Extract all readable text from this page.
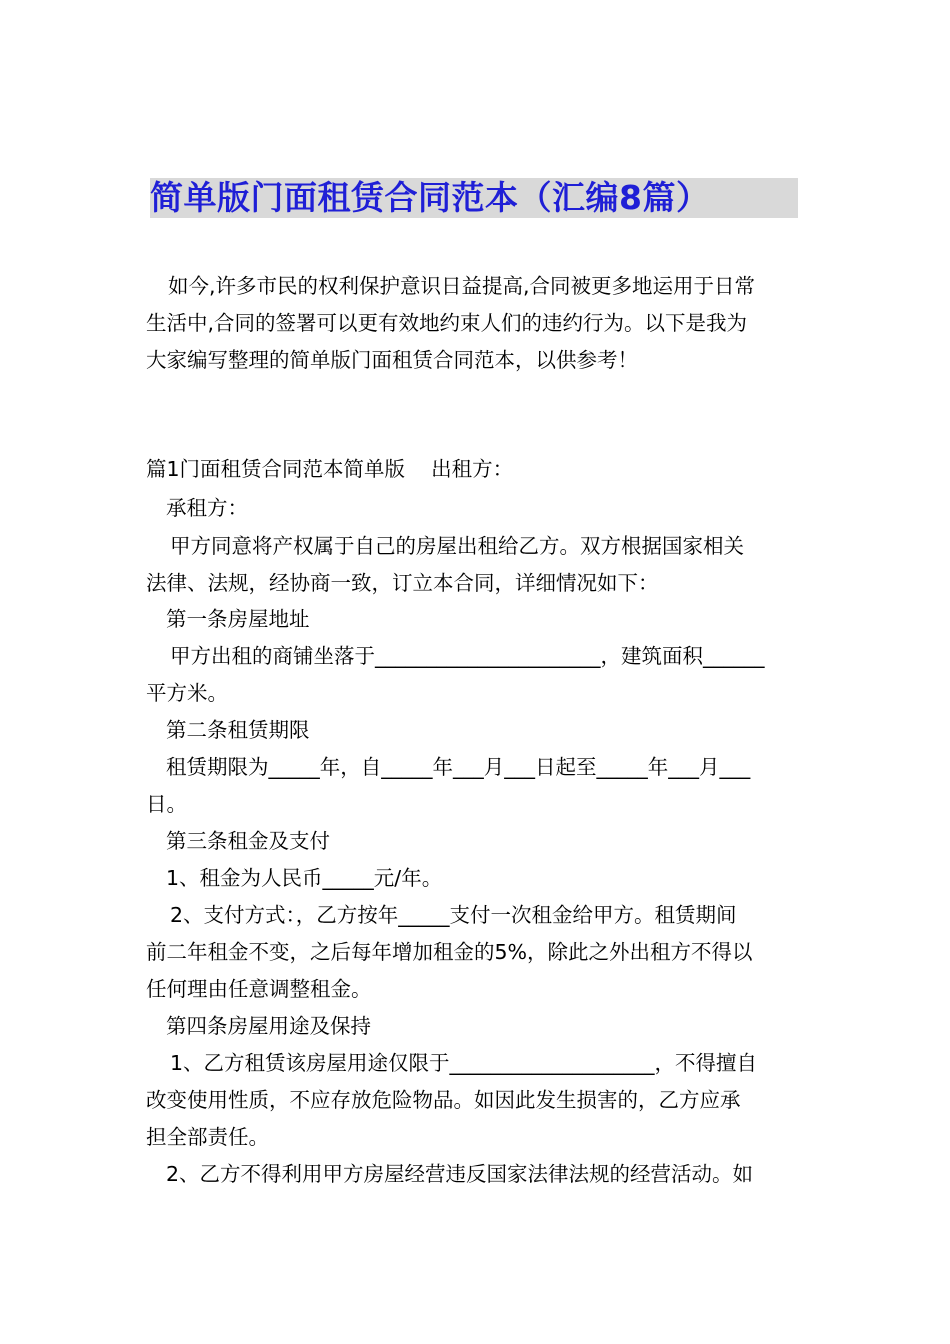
简单版门面租赁合同范本（汇编8篇）
如今,许多市民的权利保护意识日益提高,合同被更多地运用于日常
生活中,合同的签署可以更有效地约束人们的违约行为。以下是我为
大家编写整理的简单版门面租赁合同范本，以供参考！
篇1门面租赁合同范本简单版    出租方：
承租方：
甲方同意将产权属于自己的房屋出租给乙方。双方根据国家相关
法律、法规，经协商一致，订立本合同，详细情况如下：
第一条房屋地址
甲方出租的商铺坐落于______________________，建筑面积______
平方米。
第二条租赁期限
租赁期限为_____年，自_____年___月___日起至_____年___月___
日。
第三条租金及支付
1、租金为人民币_____元/年。
2、支付方式：，乙方按年_____支付一次租金给甲方。租赁期间
前二年租金不变，之后每年增加租金的5%，除此之外出租方不得以
任何理由任意调整租金。
第四条房屋用途及保持
1、乙方租赁该房屋用途仅限于____________________，不得擅自
改变使用性质，不应存放危险物品。如因此发生损害的，乙方应承
担全部责任。
2、乙方不得利用甲方房屋经营违反国家法律法规的经营活动。如
